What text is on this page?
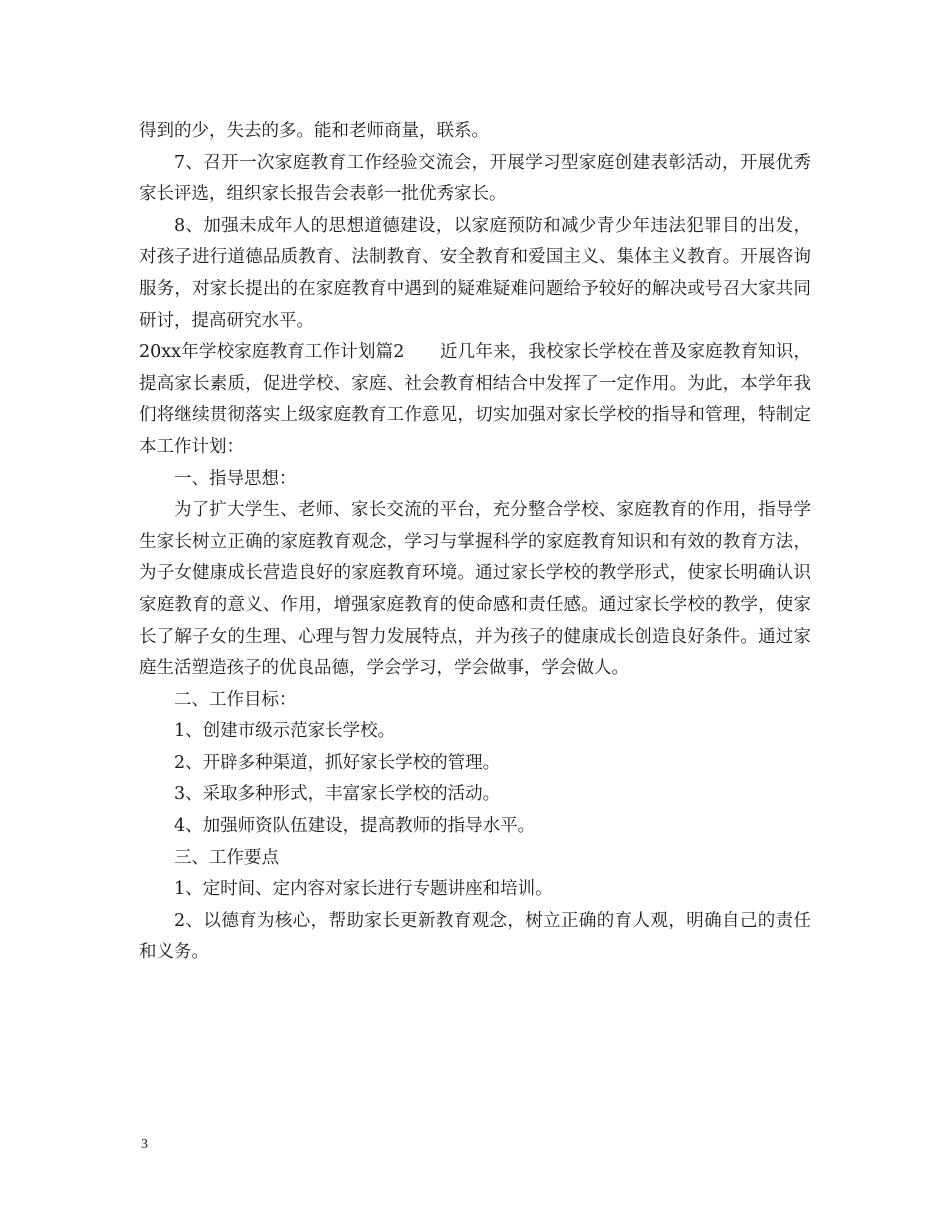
得到的少，失去的多。能和老师商量，联系。

7、召开一次家庭教育工作经验交流会，开展学习型家庭创建表彰活动，开展优秀家长评选，组织家长报告会表彰一批优秀家长。

8、加强未成年人的思想道德建设，以家庭预防和减少青少年违法犯罪目的出发，对孩子进行道德品质教育、法制教育、安全教育和爱国主义、集体主义教育。开展咨询服务，对家长提出的在家庭教育中遇到的疑难疑难问题给予较好的解决或号召大家共同研讨，提高研究水平。

20xx年学校家庭教育工作计划篇2　　近几年来，我校家长学校在普及家庭教育知识，提高家长素质，促进学校、家庭、社会教育相结合中发挥了一定作用。为此，本学年我们将继续贯彻落实上级家庭教育工作意见，切实加强对家长学校的指导和管理，特制定本工作计划：

一、指导思想：

为了扩大学生、老师、家长交流的平台，充分整合学校、家庭教育的作用，指导学生家长树立正确的家庭教育观念，学习与掌握科学的家庭教育知识和有效的教育方法，为子女健康成长营造良好的家庭教育环境。通过家长学校的教学形式，使家长明确认识家庭教育的意义、作用，增强家庭教育的使命感和责任感。通过家长学校的教学，使家长了解子女的生理、心理与智力发展特点，并为孩子的健康成长创造良好条件。通过家庭生活塑造孩子的优良品德，学会学习，学会做事，学会做人。

二、工作目标：

1、创建市级示范家长学校。

2、开辟多种渠道，抓好家长学校的管理。

3、采取多种形式，丰富家长学校的活动。

4、加强师资队伍建设，提高教师的指导水平。

三、工作要点

1、定时间、定内容对家长进行专题讲座和培训。

2、以德育为核心，帮助家长更新教育观念，树立正确的育人观，明确自己的责任和义务。

3
